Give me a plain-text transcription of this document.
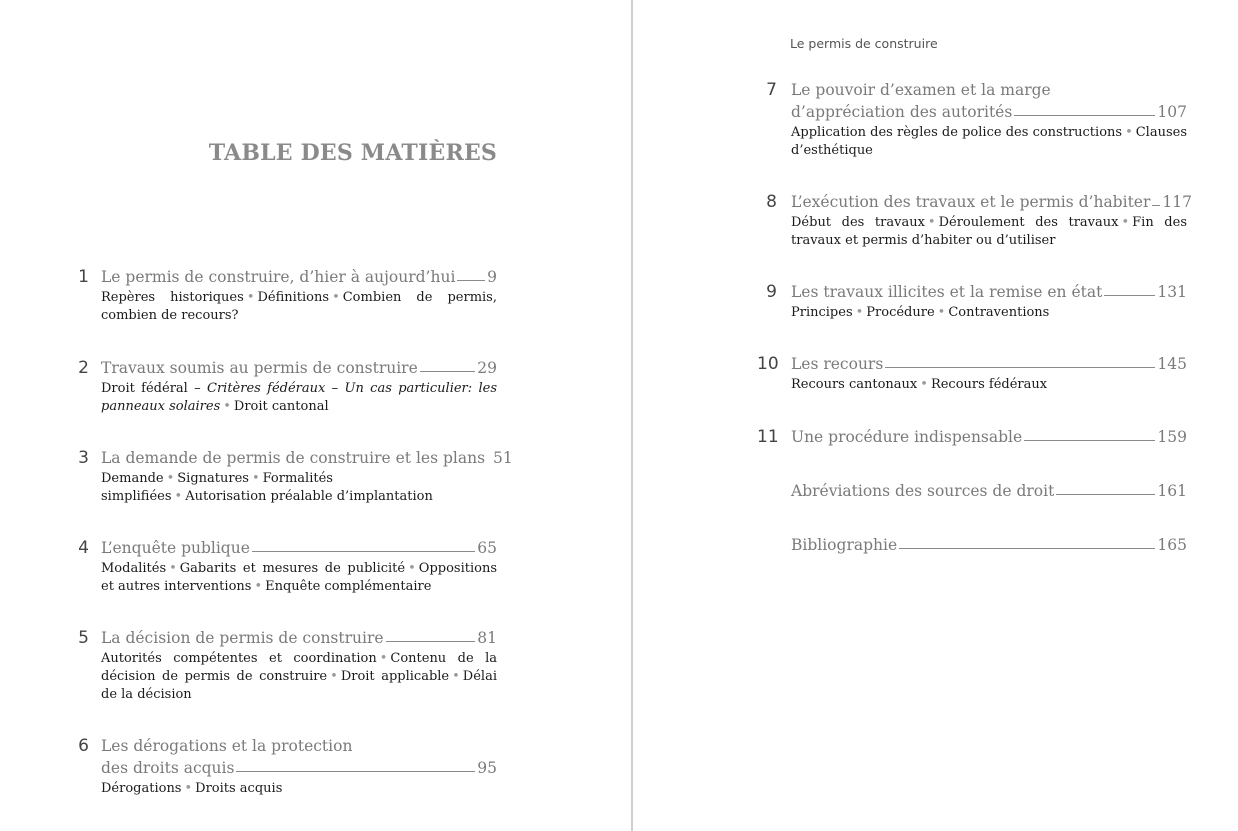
Le permis de construire
TABLE DES MATIÈRES
1 Le permis de construire, d’hier à aujourd’hui 9
Repères historiques • Définitions • Combien de permis, combien de recours?
2 Travaux soumis au permis de construire	29
Droit fédéral – Critères fédéraux – Un cas particulier: les panneaux solaires • Droit cantonal
3 La demande de permis de construire et les plans 51
Demande • Signatures • Formalités simplifiées • Autorisation préalable d’implantation
4 L’enquête publique	65
Modalités • Gabarits et mesures de publicité • Oppositions et autres interventions • Enquête complémentaire
5 La décision de permis de construire	81
Autorités compétentes et coordination • Contenu de la décision de permis de construire • Droit applicable • Délai de la décision
6 Les dérogations et la protection
des droits acquis	95
Dérogations • Droits acquis
7 Le pouvoir d’examen et la marge
d’appréciation des autorités	107
Application des règles de police des constructions • Clauses d’esthétique
8 L’exécution des travaux et le permis d’habiter 117
Début des travaux • Déroulement des travaux • Fin des travaux et permis d’habiter ou d’utiliser
9 Les travaux illicites et la remise en état	131
Principes • Procédure • Contraventions
10 Les recours	145
Recours cantonaux • Recours fédéraux
11 Une procédure indispensable	159
Abréviations des sources de droit	161
Bibliographie	165
